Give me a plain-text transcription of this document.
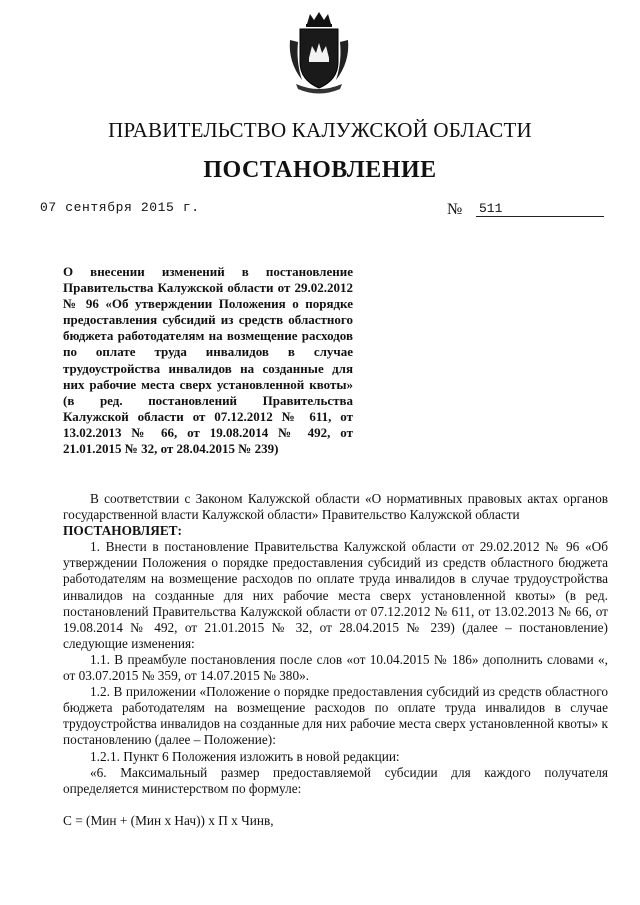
ПРАВИТЕЛЬСТВО КАЛУЖСКОЙ ОБЛАСТИ
ПОСТАНОВЛЕНИЕ
07 сентября 2015 г.	№ 511
О внесении изменений в постановление Правительства Калужской области от 29.02.2012 № 96 «Об утверждении Положения о порядке предоставления субсидий из средств областного бюджета работодателям на возмещение расходов по оплате труда инвалидов в случае трудоустройства инвалидов на созданные для них рабочие места сверх установленной квоты» (в ред. постановлений Правительства Калужской области от 07.12.2012 № 611, от 13.02.2013 № 66, от 19.08.2014 № 492, от 21.01.2015 № 32, от 28.04.2015 № 239)

В соответствии с Законом Калужской области «О нормативных правовых актах органов государственной власти Калужской области» Правительство Калужской области

ПОСТАНОВЛЯЕТ:

1. Внести в постановление Правительства Калужской области от 29.02.2012 № 96 «Об утверждении Положения о порядке предоставления субсидий из средств областного бюджета работодателям на возмещение расходов по оплате труда инвалидов в случае трудоустройства инвалидов на созданные для них рабочие места сверх установленной квоты» (в ред. постановлений Правительства Калужской области от 07.12.2012 № 611, от 13.02.2013 № 66, от 19.08.2014 № 492, от 21.01.2015 № 32, от 28.04.2015 № 239) (далее – постановление) следующие изменения:

1.1. В преамбуле постановления после слов «от 10.04.2015 № 186» дополнить словами «, от 03.07.2015 № 359, от 14.07.2015 № 380».

1.2. В приложении «Положение о порядке предоставления субсидий из средств областного бюджета работодателям на возмещение расходов по оплате труда инвалидов в случае трудоустройства инвалидов на созданные для них рабочие места сверх установленной квоты» к постановлению (далее – Положение):

1.2.1. Пункт 6 Положения изложить в новой редакции:

«6. Максимальный размер предоставляемой субсидии для каждого получателя определяется министерством по формуле:

С = (Мин + (Мин х Нач)) х П х Чинв,
